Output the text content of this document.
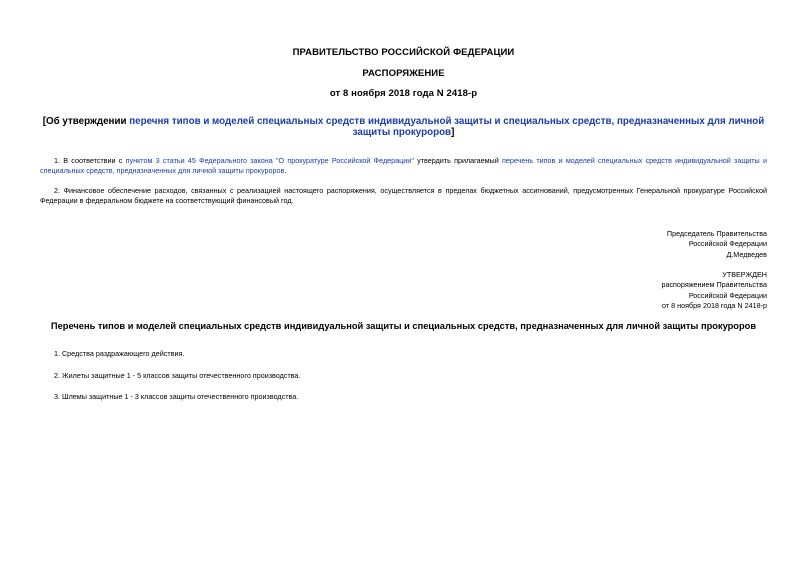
ПРАВИТЕЛЬСТВО РОССИЙСКОЙ ФЕДЕРАЦИИ
РАСПОРЯЖЕНИЕ
от 8 ноября 2018 года N 2418-р
[Об утверждении перечня типов и моделей специальных средств индивидуальной защиты и специальных средств, предназначенных для личной защиты прокуроров]
1. В соответствии с пунктом 3 статьи 45 Федерального закона "О прокуратуре Российской Федерации" утвердить прилагаемый перечень типов и моделей специальных средств индивидуальной защиты и специальных средств, предназначенных для личной защиты прокуроров.
2. Финансовое обеспечение расходов, связанных с реализацией настоящего распоряжения, осуществляется в пределах бюджетных ассигнований, предусмотренных Генеральной прокуратуре Российской Федерации в федеральном бюджете на соответствующий финансовый год.
Председатель Правительства
Российской Федерации
Д.Медведев
УТВЕРЖДЕН
распоряжением Правительства
Российской Федерации
от 8 ноября 2018 года N 2418-р
Перечень типов и моделей специальных средств индивидуальной защиты и специальных средств, предназначенных для личной защиты прокуроров
1. Средства раздражающего действия.
2. Жилеты защитные 1 - 5 классов защиты отечественного производства.
3. Шлемы защитные 1 - 3 классов защиты отечественного производства.
